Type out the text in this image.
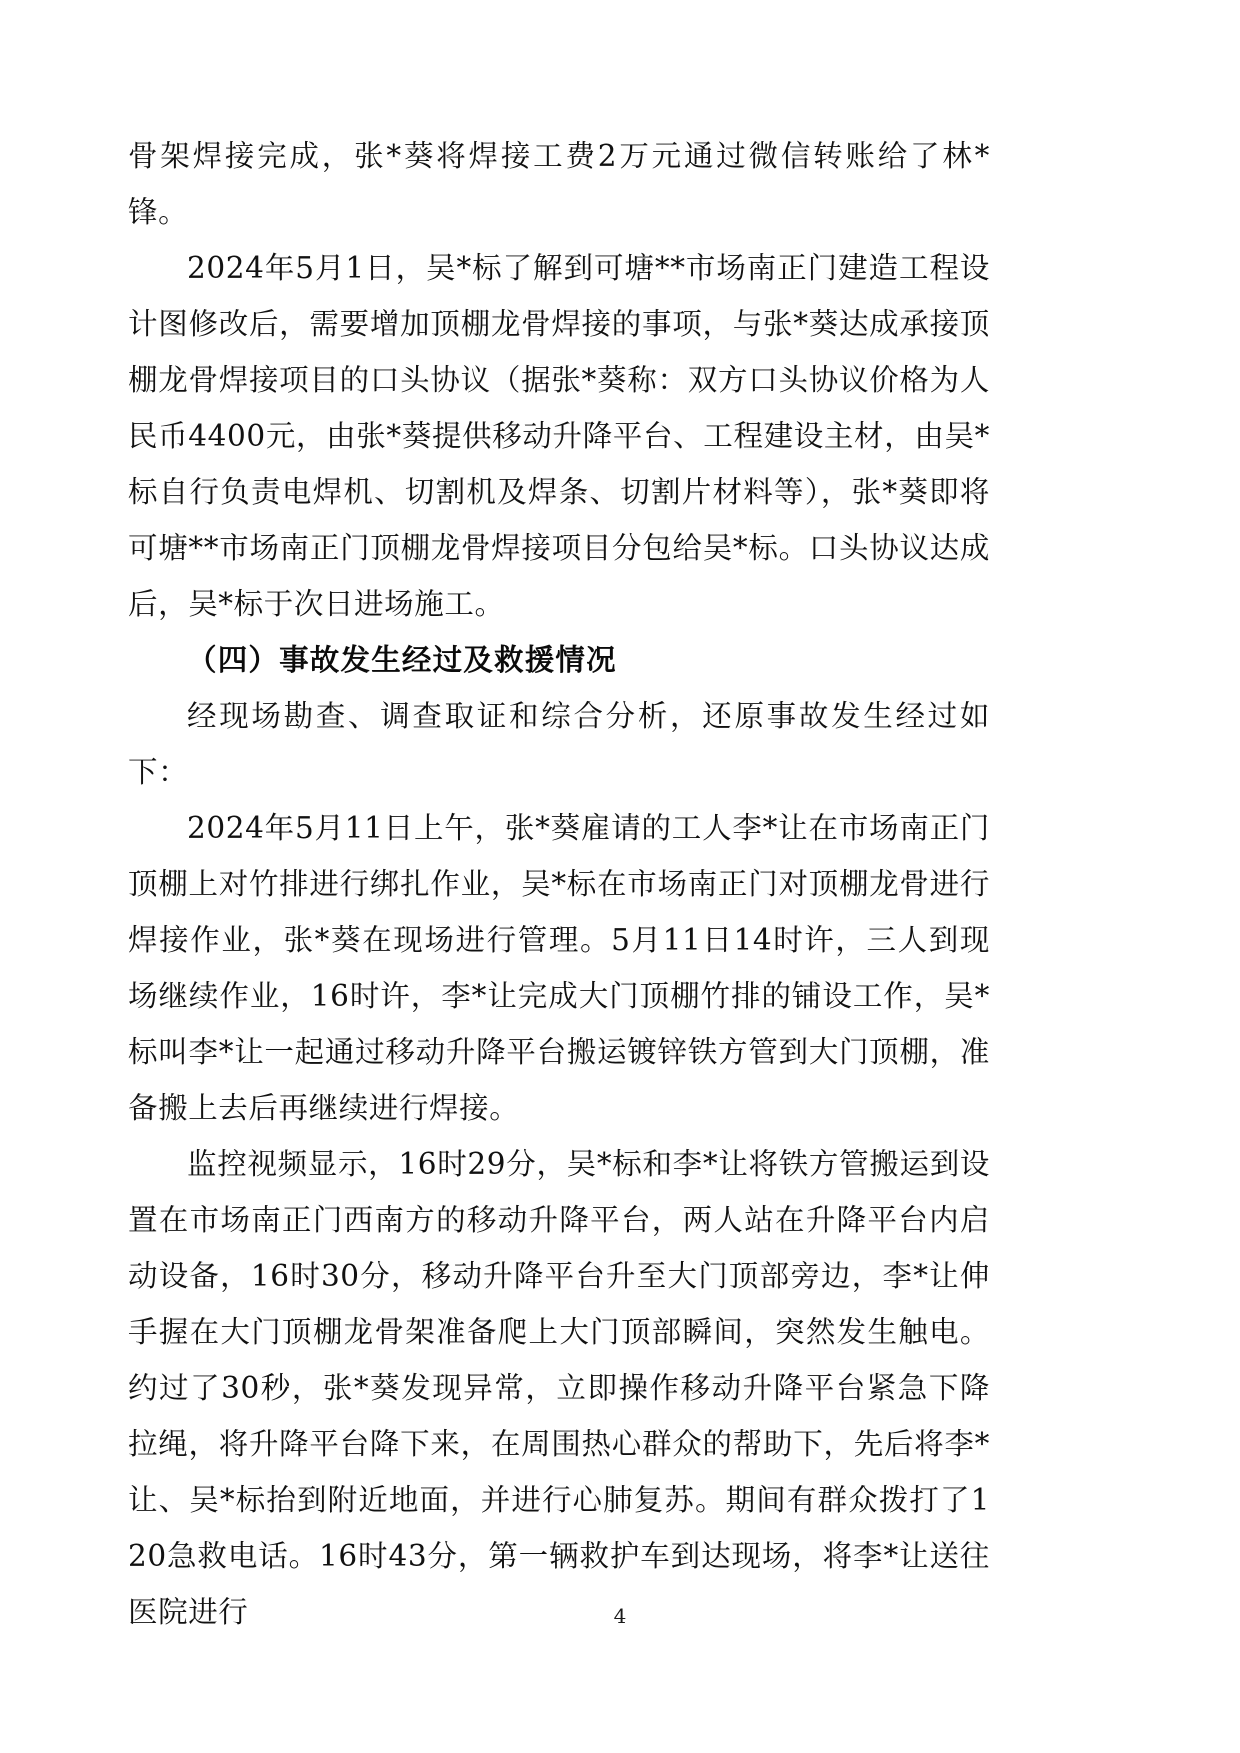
骨架焊接完成，张*葵将焊接工费2万元通过微信转账给了林*锋。

2024年5月1日，吴*标了解到可塘**市场南正门建造工程设计图修改后，需要增加顶棚龙骨焊接的事项，与张*葵达成承接顶棚龙骨焊接项目的口头协议（据张*葵称：双方口头协议价格为人民币4400元，由张*葵提供移动升降平台、工程建设主材，由吴*标自行负责电焊机、切割机及焊条、切割片材料等），张*葵即将可塘**市场南正门顶棚龙骨焊接项目分包给吴*标。口头协议达成后，吴*标于次日进场施工。

（四）事故发生经过及救援情况

经现场勘查、调查取证和综合分析，还原事故发生经过如下：

2024年5月11日上午，张*葵雇请的工人李*让在市场南正门顶棚上对竹排进行绑扎作业，吴*标在市场南正门对顶棚龙骨进行焊接作业，张*葵在现场进行管理。5月11日14时许，三人到现场继续作业，16时许，李*让完成大门顶棚竹排的铺设工作，吴*标叫李*让一起通过移动升降平台搬运镀锌铁方管到大门顶棚，准备搬上去后再继续进行焊接。

监控视频显示，16时29分，吴*标和李*让将铁方管搬运到设置在市场南正门西南方的移动升降平台，两人站在升降平台内启动设备，16时30分，移动升降平台升至大门顶部旁边，李*让伸手握在大门顶棚龙骨架准备爬上大门顶部瞬间，突然发生触电。约过了30秒，张*葵发现异常，立即操作移动升降平台紧急下降拉绳，将升降平台降下来，在周围热心群众的帮助下，先后将李*让、吴*标抬到附近地面，并进行心肺复苏。期间有群众拨打了120急救电话。16时43分，第一辆救护车到达现场，将李*让送往医院进行	4
